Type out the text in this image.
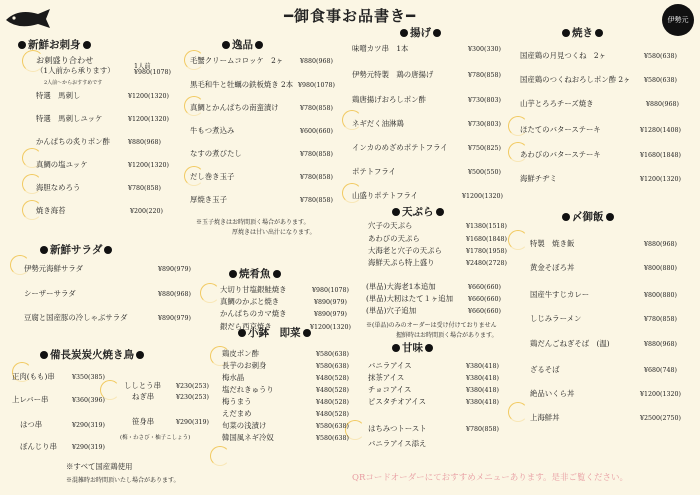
━御食事お品書き━	伊勢元
新鮮お刺身	逸品
揚げ	焼き
新鮮サラダ
焼肴魚
天ぷら	〆御飯
備長炭炭火焼き鳥
小鉢　即菜
甘味
お刺盛り合わせ
（1人前から承ります）
2人前〜からおすすめです
1人前
¥980(1078)
特選　馬刺し	¥1200(1320)
特選　馬刺しユッケ	¥1200(1320)
かんぱちの炙りポン酢	¥880(968)
真鯛の塩ユッケ	¥1200(1320)
海胆なめろう	¥780(858)
焼き海苔	¥200(220)
毛蟹クリームコロッケ　2ヶ	¥880(968)
黒毛和牛と牡蠣の鉄板焼き 2本 ¥980(1078)
真鯛とかんぱちの南蛮漬け	¥780(858)
牛もつ煮込み	¥600(660)
なすの煮びたし	¥780(858)
だし巻き玉子	¥780(858)
厚焼き玉子	¥780(858)
※玉子焼きはお時間頂く場合があります。
厚焼きは甘い出汁になります。
味噌カツ串　1本	¥300(330)
伊勢元特製　鶏の唐揚げ	¥780(858)
鶏唐揚げおろしポン酢	¥730(803)
ネギだく油淋鶏	¥730(803)
インカのめざめポテトフライ	¥750(825)
ポテトフライ	¥500(550)
山盛りポテトフライ	¥1200(1320)
国産鶏の月見つくね　2ヶ	¥580(638)
国産鶏のつくねおろしポン酢 2ヶ ¥580(638)
山芋とろろチーズ焼き	¥880(968)
ほたてのバターステーキ	¥1280(1408)
あわびのバターステーキ	¥1680(1848)
海鮮チヂミ	¥1200(1320)
伊勢元海鮮サラダ	¥890(979)
シーザーサラダ	¥880(968)
豆腐と国産豚の冷しゃぶサラダ	¥890(979)
大切り甘塩銀鮭焼き	¥980(1078)
真鯛のかぶと焼き	¥890(979)
かんぱちのカマ焼き	¥890(979)
銀だら西京焼き	¥1200(1320)
穴子の天ぷら	¥1380(1518)
あわびの天ぷら	¥1680(1848)
大海老と穴子の天ぷら	¥1780(1958)
海鮮天ぷら特上盛り	¥2480(2728)
(単品)大海老1本追加	¥660(660)
(単品)大籾はたて１ヶ追加 ¥660(660)
(単品)穴子追加	¥660(660)
※(単品)のみのオーダーは受け付けておりません
握鮮時はお時間頂く場合があります。
特製　焼き飯	¥880(968)
黄金そぼろ丼	¥800(880)
国産牛すじカレー	¥800(880)
しじみラーメン	¥780(858)
鶏だんごねぎそば　(温)	¥880(968)
ざるそば	¥680(748)
絶品いくら丼	¥1200(1320)
上海鮮丼	¥2500(2750)
正肉(もも)串	¥350(385)
上レバー串	¥360(396)
はつ串	¥290(319)
ぼんじり串 ¥290(319)
ししとう串 ¥230(253)
ねぎ串	¥230(253)
笹身串	¥290(319)
(梅・わさび・柚子こしょう)
※すべて国産鶏使用
※混雑時お時間頂いたし場合があります。
鶏皮ポン酢	¥580(638)
長芋のお刺身	¥580(638)
梅水晶	¥480(528)
塩だれきゅうり	¥480(528)
梅うまう	¥480(528)
えだまめ	¥480(528)
旬菜の浅漬け	¥580(638)
韓国風ネギ冷奴	¥580(638)
バニラアイス	¥380(418)
抹茶アイス	¥380(418)
チョコアイス	¥380(418)
ピスタチオアイス	¥380(418)
はちみつトースト	¥780(858)
バニラアイス添え
QRコードオーダーにておすすめメニューあります。是非ご覧ください。
